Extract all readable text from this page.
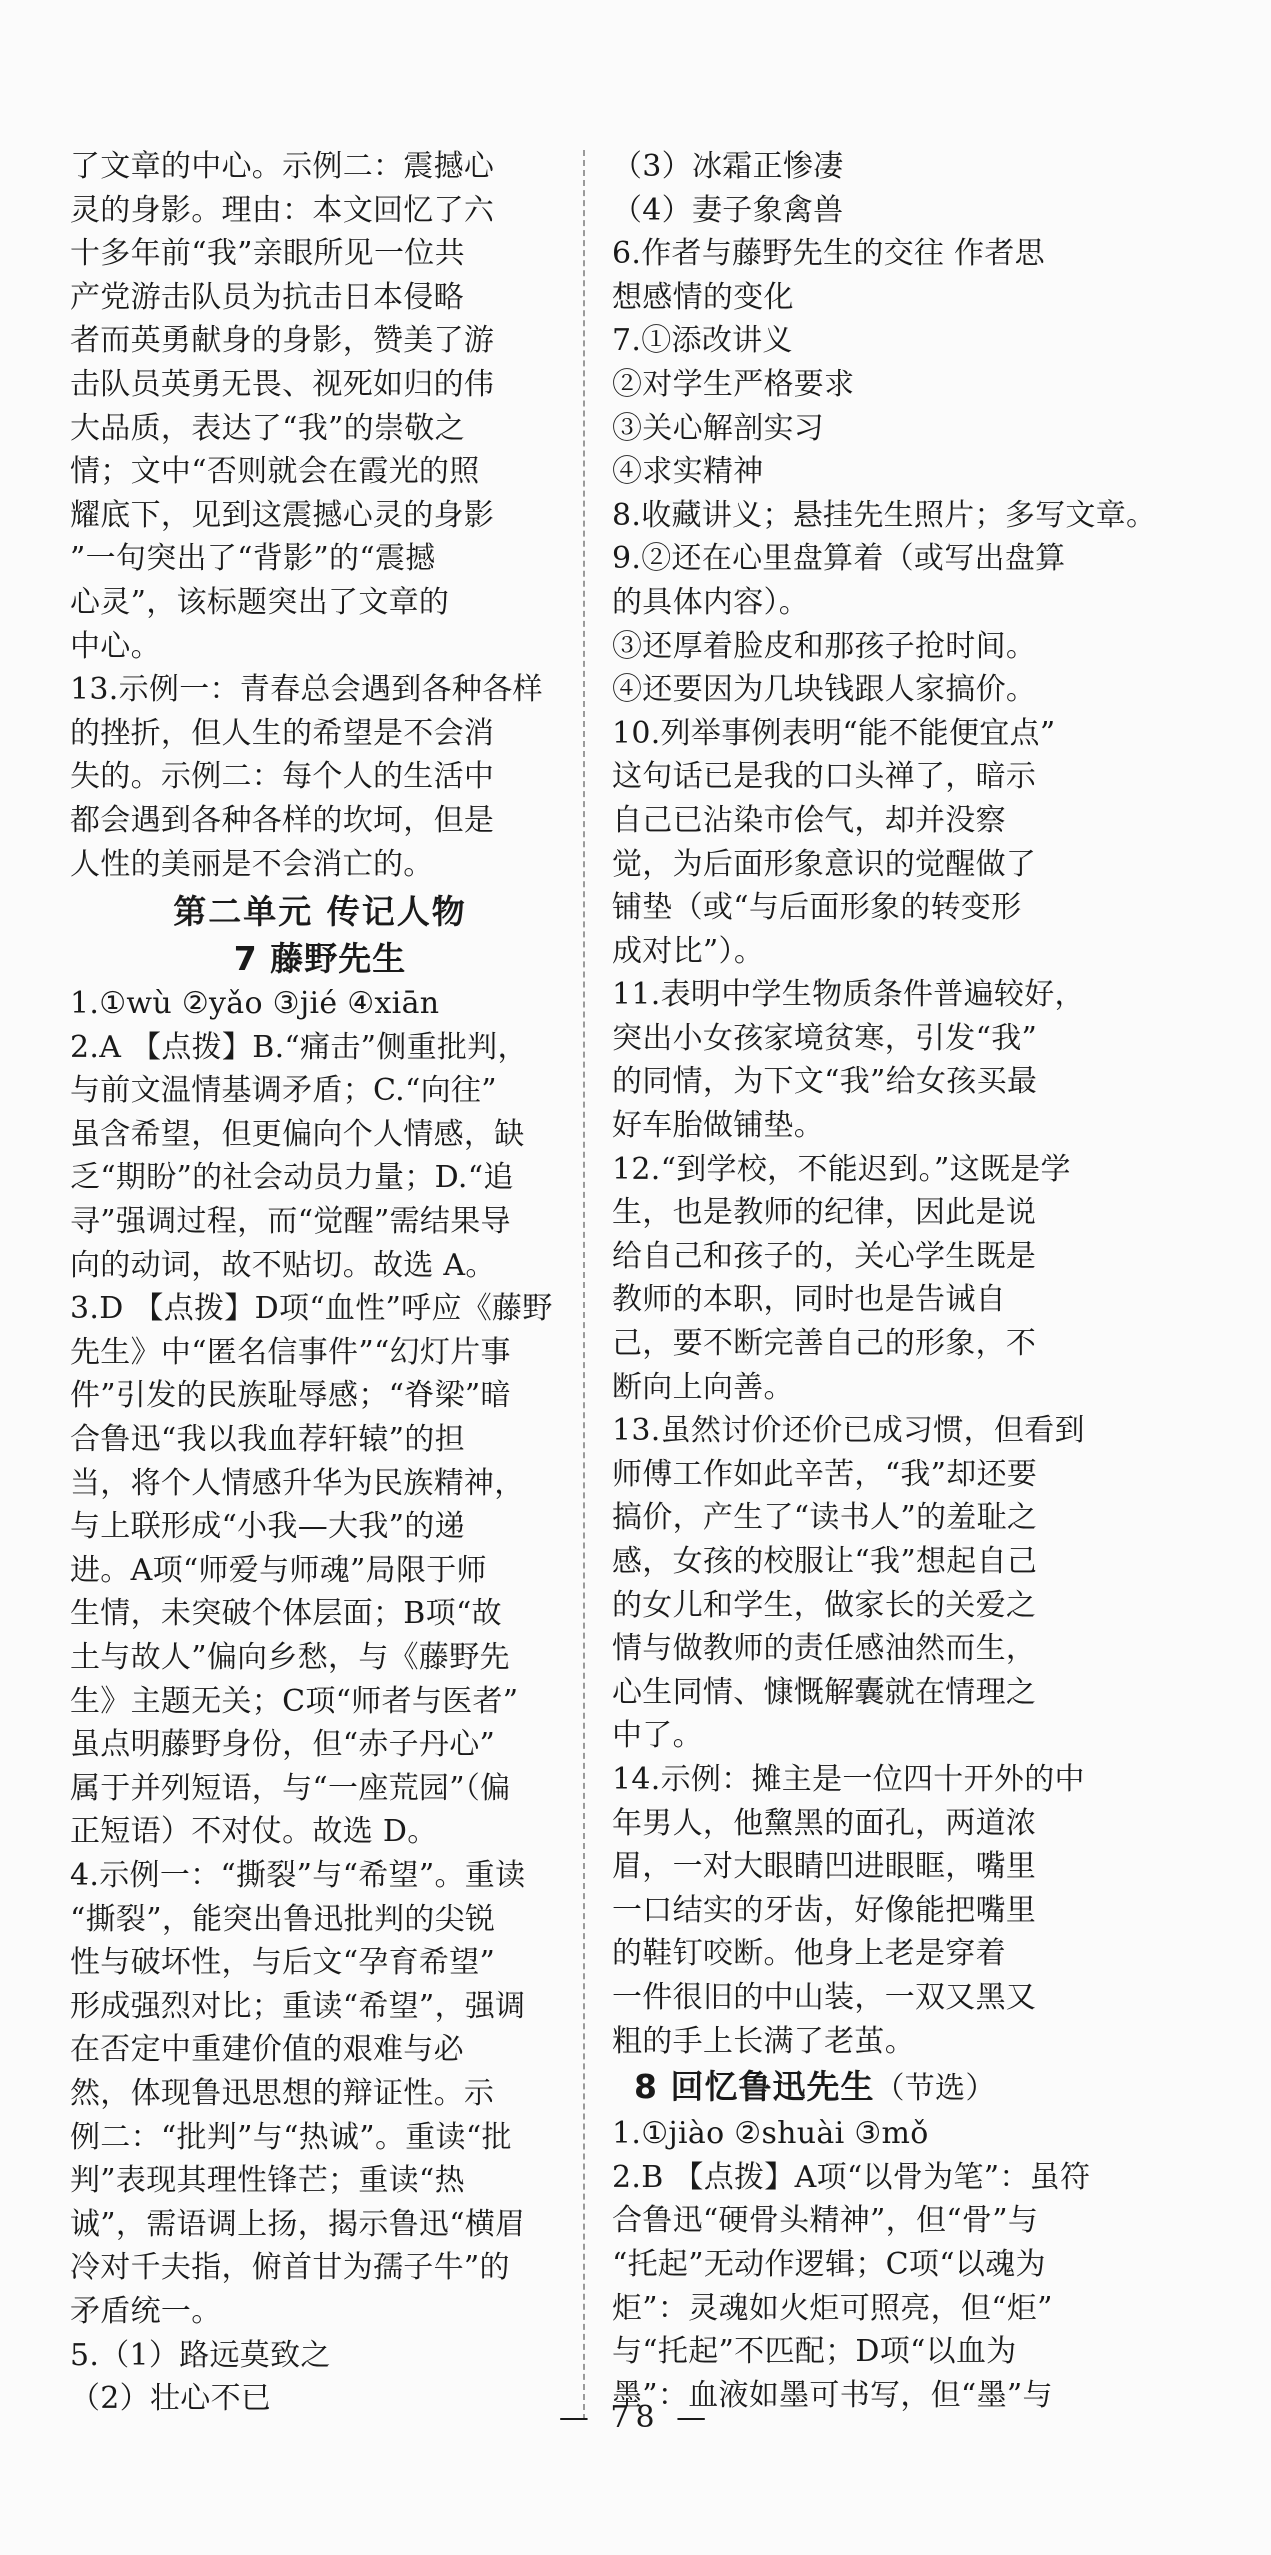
了文章的中心。示例二：震撼心
灵的身影。理由：本文回忆了六
十多年前“我”亲眼所见一位共
产党游击队员为抗击日本侵略
者而英勇献身的身影，赞美了游
击队员英勇无畏、视死如归的伟
大品质，表达了“我”的崇敬之
情；文中“否则就会在霞光的照
耀底下，见到这震撼心灵的身影
”一句突出了“背影”的“震撼
心灵”，该标题突出了文章的
中心。
13.示例一：青春总会遇到各种各样
的挫折，但人生的希望是不会消
失的。示例二：每个人的生活中
都会遇到各种各样的坎坷，但是
人性的美丽是不会消亡的。
第二单元 传记人物
7 藤野先生
1.①wù ②yǎo ③jié ④xiān
2.A 【点拨】B.“痛击”侧重批判，
与前文温情基调矛盾；C.“向往”
虽含希望，但更偏向个人情感，缺
乏“期盼”的社会动员力量；D.“追
寻”强调过程，而“觉醒”需结果导
向的动词，故不贴切。故选 A。
3.D 【点拨】D项“血性”呼应《藤野
先生》中“匿名信事件”“幻灯片事
件”引发的民族耻辱感；“脊梁”暗
合鲁迅“我以我血荐轩辕”的担
当，将个人情感升华为民族精神，
与上联形成“小我—大我”的递
进。A项“师爱与师魂”局限于师
生情，未突破个体层面；B项“故
土与故人”偏向乡愁，与《藤野先
生》主题无关；C项“师者与医者”
虽点明藤野身份，但“赤子丹心”
属于并列短语，与“一座荒园”（偏
正短语）不对仗。故选 D。
4.示例一：“撕裂”与“希望”。重读
“撕裂”，能突出鲁迅批判的尖锐
性与破坏性，与后文“孕育希望”
形成强烈对比；重读“希望”，强调
在否定中重建价值的艰难与必
然，体现鲁迅思想的辩证性。示
例二：“批判”与“热诚”。重读“批
判”表现其理性锋芒；重读“热
诚”，需语调上扬，揭示鲁迅“横眉
冷对千夫指，俯首甘为孺子牛”的
矛盾统一。
5.（1）路远莫致之
（2）壮心不已
（3）冰霜正惨凄
（4）妻子象禽兽
6.作者与藤野先生的交往 作者思
想感情的变化
7.①添改讲义
②对学生严格要求
③关心解剖实习
④求实精神
8.收藏讲义；悬挂先生照片；多写文章。
9.②还在心里盘算着（或写出盘算
的具体内容）。
③还厚着脸皮和那孩子抢时间。
④还要因为几块钱跟人家搞价。
10.列举事例表明“能不能便宜点”
这句话已是我的口头禅了，暗示
自己已沾染市侩气，却并没察
觉，为后面形象意识的觉醒做了
铺垫（或“与后面形象的转变形
成对比”）。
11.表明中学生物质条件普遍较好，
突出小女孩家境贫寒，引发“我”
的同情，为下文“我”给女孩买最
好车胎做铺垫。
12.“到学校，不能迟到。”这既是学
生，也是教师的纪律，因此是说
给自己和孩子的，关心学生既是
教师的本职，同时也是告诫自
己，要不断完善自己的形象，不
断向上向善。
13.虽然讨价还价已成习惯，但看到
师傅工作如此辛苦，“我”却还要
搞价，产生了“读书人”的羞耻之
感，女孩的校服让“我”想起自己
的女儿和学生，做家长的关爱之
情与做教师的责任感油然而生，
心生同情、慷慨解囊就在情理之
中了。
14.示例：摊主是一位四十开外的中
年男人，他黧黑的面孔，两道浓
眉，一对大眼睛凹进眼眶，嘴里
一口结实的牙齿，好像能把嘴里
的鞋钉咬断。他身上老是穿着
一件很旧的中山装，一双又黑又
粗的手上长满了老茧。
8 回忆鲁迅先生（节选）
1.①jiào ②shuài ③mǒ
2.B 【点拨】A项“以骨为笔”：虽符
合鲁迅“硬骨头精神”，但“骨”与
“托起”无动作逻辑；C项“以魂为
炬”：灵魂如火炬可照亮，但“炬”
与“托起”不匹配；D项“以血为
墨”：血液如墨可书写，但“墨”与
— 78 —
